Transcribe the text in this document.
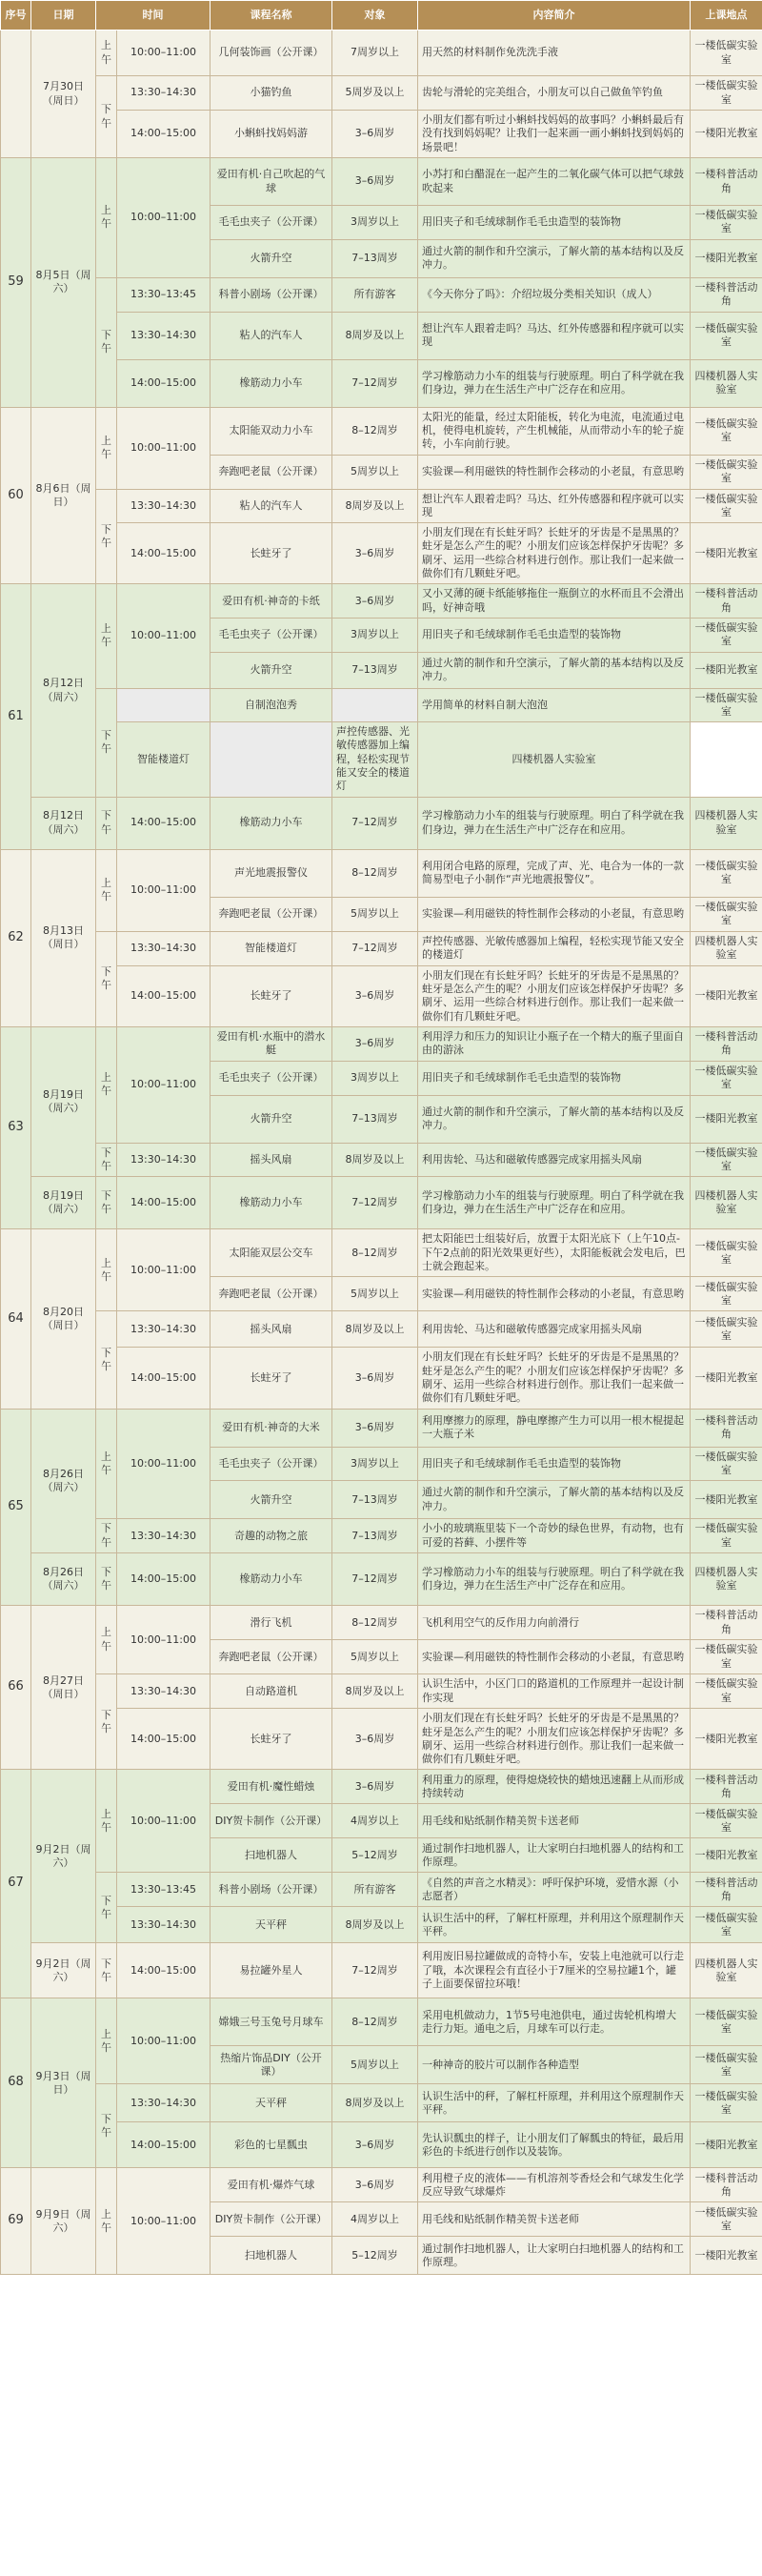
序号	日期	时间		课程名称	对象	内容简介	上课地点
	7月30日（周日）	上午	10:00–11:00	几何装饰画（公开课）	7周岁以上	用天然的材料制作免洗洗手液	一楼低碳实验室
		下午	13:30–14:30	小猫钓鱼	5周岁及以上	齿轮与滑轮的完美组合，小朋友可以自己做鱼竿钓鱼	一楼低碳实验室
			14:00–15:00	小蝌蚪找妈妈游	3–6周岁	小朋友们都有听过小蝌蚪找妈妈的故事吗？小蝌蚪最后有没有找到妈妈呢？让我们一起来画一画小蝌蚪找到妈妈的场景吧！	一楼阳光教室
59	8月5日（周六）	上午	10:00–11:00	爱田有机·自己吹起的气球	3–6周岁	小苏打和白醋混在一起产生的二氧化碳气体可以把气球鼓吹起来	一楼科普活动角
				毛毛虫夹子（公开课）	3周岁以上	用旧夹子和毛绒球制作毛毛虫造型的装饰物	一楼低碳实验室
				火箭升空	7–13周岁	通过火箭的制作和升空演示，了解火箭的基本结构以及反冲力。	一楼阳光教室
		下午	13:30–13:45	科普小剧场（公开课）	所有游客	《今天你分了吗》：介绍垃圾分类相关知识（成人）	一楼科普活动角
			13:30–14:30	粘人的汽车人	8周岁及以上	想让汽车人跟着走吗？马达、红外传感器和程序就可以实现	一楼低碳实验室
			14:00–15:00	橡筋动力小车	7–12周岁	学习橡筋动力小车的组装与行驶原理。明白了科学就在我们身边，弹力在生活生产中广泛存在和应用。	四楼机器人实验室
60	8月6日（周日）	上午	10:00–11:00	太阳能双动力小车	8–12周岁	太阳光的能量，经过太阳能板，转化为电流，电流通过电机，使得电机旋转，产生机械能，从而带动小车的轮子旋转，小车向前行驶。	一楼低碳实验室
				奔跑吧老鼠（公开课）	5周岁以上	实验课—利用磁铁的特性制作会移动的小老鼠，有意思哟	一楼低碳实验室
		下午	13:30–14:30	粘人的汽车人	8周岁及以上	想让汽车人跟着走吗？马达、红外传感器和程序就可以实现	一楼低碳实验室
			14:00–15:00	长蛀牙了	3–6周岁	小朋友们现在有长蛀牙吗？长蛀牙的牙齿是不是黑黑的？蛀牙是怎么产生的呢？小朋友们应该怎样保护牙齿呢？多刷牙、运用一些综合材料进行创作。那让我们一起来做一做你们有几颗蛀牙吧。	一楼阳光教室
61	8月12日（周六）	上午	10:00–11:00	爱田有机·神奇的卡纸	3–6周岁	又小又薄的硬卡纸能够拖住一瓶倒立的水杯而且不会滑出吗，好神奇哦	一楼科普活动角
				毛毛虫夹子（公开课）	3周岁以上	用旧夹子和毛绒球制作毛毛虫造型的装饰物	一楼低碳实验室
				火箭升空	7–13周岁	通过火箭的制作和升空演示，了解火箭的基本结构以及反冲力。	一楼阳光教室
		下午		自制泡泡秀		学用简单的材料自制大泡泡	一楼低碳实验室
			智能楼道灯		声控传感器、光敏传感器加上编程，轻松实现节能又安全的楼道灯	四楼机器人实验室	
	8月12日（周六）	下午	14:00–15:00	橡筋动力小车	7–12周岁	学习橡筋动力小车的组装与行驶原理。明白了科学就在我们身边，弹力在生活生产中广泛存在和应用。	四楼机器人实验室
62	8月13日（周日）	上午	10:00–11:00	声光地震报警仪	8–12周岁	利用闭合电路的原理，完成了声、光、电合为一体的一款简易型电子小制作“声光地震报警仪”。	一楼低碳实验室
				奔跑吧老鼠（公开课）	5周岁以上	实验课—利用磁铁的特性制作会移动的小老鼠，有意思哟	一楼低碳实验室
		下午	13:30–14:30	智能楼道灯	7–12周岁	声控传感器、光敏传感器加上编程，轻松实现节能又安全的楼道灯	四楼机器人实验室
			14:00–15:00	长蛀牙了	3–6周岁	小朋友们现在有长蛀牙吗？长蛀牙的牙齿是不是黑黑的？蛀牙是怎么产生的呢？小朋友们应该怎样保护牙齿呢？多刷牙、运用一些综合材料进行创作。那让我们一起来做一做你们有几颗蛀牙吧。	一楼阳光教室
63	8月19日（周六）	上午	10:00–11:00	爱田有机·水瓶中的潜水艇	3–6周岁	利用浮力和压力的知识让小瓶子在一个精大的瓶子里面自由的游泳	一楼科普活动角
				毛毛虫夹子（公开课）	3周岁以上	用旧夹子和毛绒球制作毛毛虫造型的装饰物	一楼低碳实验室
				火箭升空	7–13周岁	通过火箭的制作和升空演示，了解火箭的基本结构以及反冲力。	一楼阳光教室
		下午	13:30–14:30	摇头风扇	8周岁及以上	利用齿轮、马达和磁敏传感器完成家用摇头风扇	一楼低碳实验室
	8月19日（周六）	下午	14:00–15:00	橡筋动力小车	7–12周岁	学习橡筋动力小车的组装与行驶原理。明白了科学就在我们身边，弹力在生活生产中广泛存在和应用。	四楼机器人实验室
64	8月20日（周日）	上午	10:00–11:00	太阳能双层公交车	8–12周岁	把太阳能巴士组装好后，放置于太阳光底下（上午10点-下午2点前的阳光效果更好些），太阳能板就会发电后，巴士就会跑起来。	一楼低碳实验室
				奔跑吧老鼠（公开课）	5周岁以上	实验课—利用磁铁的特性制作会移动的小老鼠，有意思哟	一楼低碳实验室
		下午	13:30–14:30	摇头风扇	8周岁及以上	利用齿轮、马达和磁敏传感器完成家用摇头风扇	一楼低碳实验室
			14:00–15:00	长蛀牙了	3–6周岁	小朋友们现在有长蛀牙吗？长蛀牙的牙齿是不是黑黑的？蛀牙是怎么产生的呢？小朋友们应该怎样保护牙齿呢？多刷牙、运用一些综合材料进行创作。那让我们一起来做一做你们有几颗蛀牙吧。	一楼阳光教室
65	8月26日（周六）	上午	10:00–11:00	爱田有机·神奇的大米	3–6周岁	利用摩擦力的原理，静电摩擦产生力可以用一根木棍提起一大瓶子米	一楼科普活动角
				毛毛虫夹子（公开课）	3周岁以上	用旧夹子和毛绒球制作毛毛虫造型的装饰物	一楼低碳实验室
				火箭升空	7–13周岁	通过火箭的制作和升空演示，了解火箭的基本结构以及反冲力。	一楼阳光教室
		下午	13:30–14:30	奇趣的动物之旅	7–13周岁	小小的玻璃瓶里装下一个奇妙的绿色世界，有动物，也有可爱的苔藓、小摆件等	一楼低碳实验室
	8月26日（周六）	下午	14:00–15:00	橡筋动力小车	7–12周岁	学习橡筋动力小车的组装与行驶原理。明白了科学就在我们身边，弹力在生活生产中广泛存在和应用。	四楼机器人实验室
66	8月27日（周日）	上午	10:00–11:00	滑行飞机	8–12周岁	飞机利用空气的反作用力向前滑行	一楼科普活动角
				奔跑吧老鼠（公开课）	5周岁以上	实验课—利用磁铁的特性制作会移动的小老鼠，有意思哟	一楼低碳实验室
		下午	13:30–14:30	自动路道机	8周岁及以上	认识生活中，小区门口的路道机的工作原理并一起设计制作实现	一楼低碳实验室
			14:00–15:00	长蛀牙了	3–6周岁	小朋友们现在有长蛀牙吗？长蛀牙的牙齿是不是黑黑的？蛀牙是怎么产生的呢？小朋友们应该怎样保护牙齿呢？多刷牙、运用一些综合材料进行创作。那让我们一起来做一做你们有几颗蛀牙吧。	一楼阳光教室
67	9月2日（周六）	上午	10:00–11:00	爱田有机·魔性蜡烛	3–6周岁	利用重力的原理，使得熄烧较快的蜡烛迅速翻上从而形成持续转动	一楼科普活动角
				DIY贺卡制作（公开课）	4周岁以上	用毛线和贴纸制作精美贺卡送老师	一楼低碳实验室
				扫地机器人	5–12周岁	通过制作扫地机器人，让大家明白扫地机器人的结构和工作原理。	一楼阳光教室
		下午	13:30–13:45	科普小剧场（公开课）	所有游客	《自然的声音之水精灵》：呼吁保护环境，爱惜水源（小志愿者）	一楼科普活动角
			13:30–14:30	天平秤	8周岁及以上	认识生活中的秤，了解杠杆原理，并利用这个原理制作天平秤。	一楼低碳实验室
	9月2日（周六）	下午	14:00–15:00	易拉罐外星人	7–12周岁	利用废旧易拉罐做成的奇特小车，安装上电池就可以行走了哦，本次课程会有直径小于7厘米的空易拉罐1个，罐子上面要保留拉环哦！	四楼机器人实验室
68	9月3日（周日）	上午	10:00–11:00	嫦娥三号玉兔号月球车	8–12周岁	采用电机做动力，1节5号电池供电，通过齿轮机构增大走行力矩。通电之后，月球车可以行走。	一楼低碳实验室
				热缩片饰品DIY（公开课）	5周岁以上	一种神奇的胶片可以制作各种造型	一楼低碳实验室
		下午	13:30–14:30	天平秤	8周岁及以上	认识生活中的秤，了解杠杆原理，并利用这个原理制作天平秤。	一楼低碳实验室
			14:00–15:00	彩色的七星瓢虫	3–6周岁	先认识瓢虫的样子，让小朋友们了解瓢虫的特征，最后用彩色的卡纸进行创作以及装饰。	一楼阳光教室
69	9月9日（周六）	上午	10:00–11:00	爱田有机·爆炸气球	3–6周岁	利用橙子皮的液体——有机溶剂苓香烃会和气球发生化学反应导致气球爆炸	一楼科普活动角
				DIY贺卡制作（公开课）	4周岁以上	用毛线和贴纸制作精美贺卡送老师	一楼低碳实验室
				扫地机器人	5–12周岁	通过制作扫地机器人，让大家明白扫地机器人的结构和工作原理。	一楼阳光教室
